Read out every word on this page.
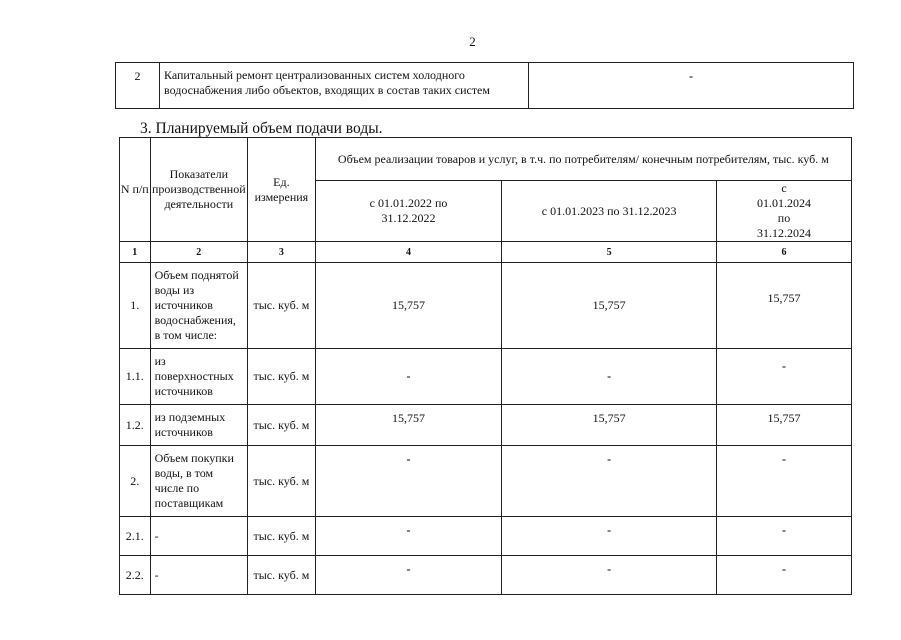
2
2	Капитальный ремонт централизованных систем холодного водоснабжения либо объектов, входящих в состав таких систем	-
3. Планируемый объем подачи воды.
N п/п	Показатели производственной деятельности	Ед. измерения	Объем реализации товаров и услуг, в т.ч. по потребителям/ конечным потребителям, тыс. куб. м		
			с 01.01.2022 по 31.12.2022	с 01.01.2023 по 31.12.2023	с 01.01.2024 по 31.12.2024
1	2	3	4	5	6
1.	Объем поднятой воды из источников водоснабжения, в том числе:	тыс. куб. м	15,757	15,757	15,757
1.1.	из поверхностных источников	тыс. куб. м	-	-	-
1.2.	из подземных источников	тыс. куб. м	15,757	15,757	15,757
2.	Объем покупки воды, в том числе по поставщикам	тыс. куб. м	-	-	-
2.1.	-	тыс. куб. м	-	-	-
2.2.	-	тыс. куб. м	-	-	-
